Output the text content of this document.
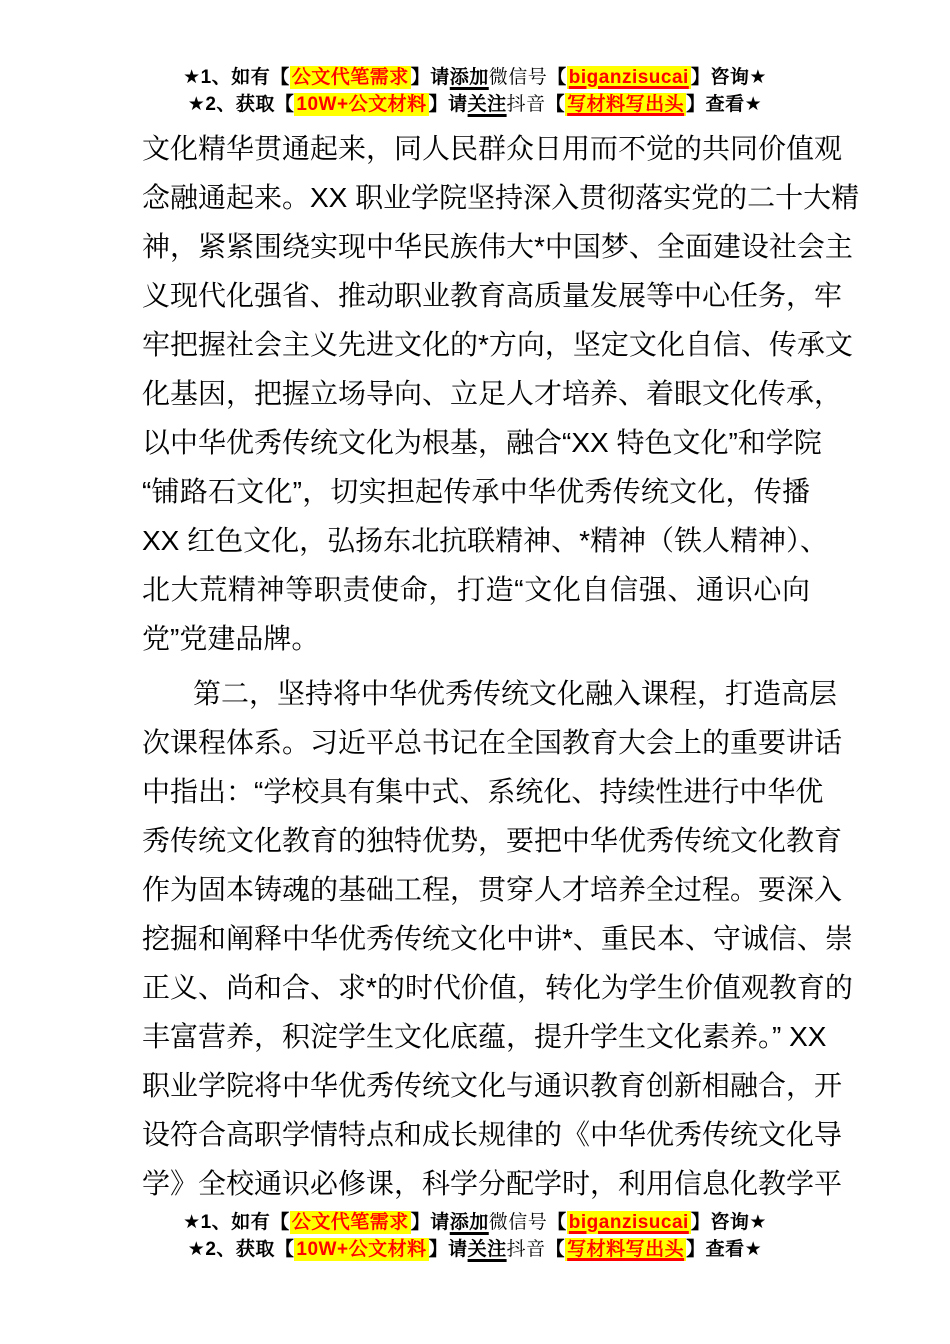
★1、如有【 公文代笔需求 】请添加微信号【 biganzisucai 】咨询★
★2、获取【 10W+公文材料 】请关注抖音【 写材料写出头 】查看★
文化精华贯通起来，同人民群众日用而不觉的共同价值观
念融通起来。XX 职业学院坚持深入贯彻落实党的二十大精
神，紧紧围绕实现中华民族伟大*中国梦、全面建设社会主
义现代化强省、推动职业教育高质量发展等中心任务，牢
牢把握社会主义先进文化的*方向，坚定文化自信、传承文
化基因，把握立场导向、立足人才培养、着眼文化传承，
以中华优秀传统文化为根基，融合“XX 特色文化”和学院
“铺路石文化”，切实担起传承中华优秀传统文化，传播
XX 红色文化，弘扬东北抗联精神、*精神（铁人精神）、
北大荒精神等职责使命，打造“文化自信强、通识心向
党”党建品牌。
第二，坚持将中华优秀传统文化融入课程，打造高层
次课程体系。习近平总书记在全国教育大会上的重要讲话
中指出：“学校具有集中式、系统化、持续性进行中华优
秀传统文化教育的独特优势，要把中华优秀传统文化教育
作为固本铸魂的基础工程，贯穿人才培养全过程。要深入
挖掘和阐释中华优秀传统文化中讲*、重民本、守诚信、崇
正义、尚和合、求*的时代价值，转化为学生价值观教育的
丰富营养，积淀学生文化底蕴，提升学生文化素养。” XX
职业学院将中华优秀传统文化与通识教育创新相融合，开
设符合高职学情特点和成长规律的《中华优秀传统文化导
学》全校通识必修课，科学分配学时，利用信息化教学平
★1、如有【 公文代笔需求 】请添加微信号【 biganzisucai 】咨询★
★2、获取【 10W+公文材料 】请关注抖音【 写材料写出头 】查看★
